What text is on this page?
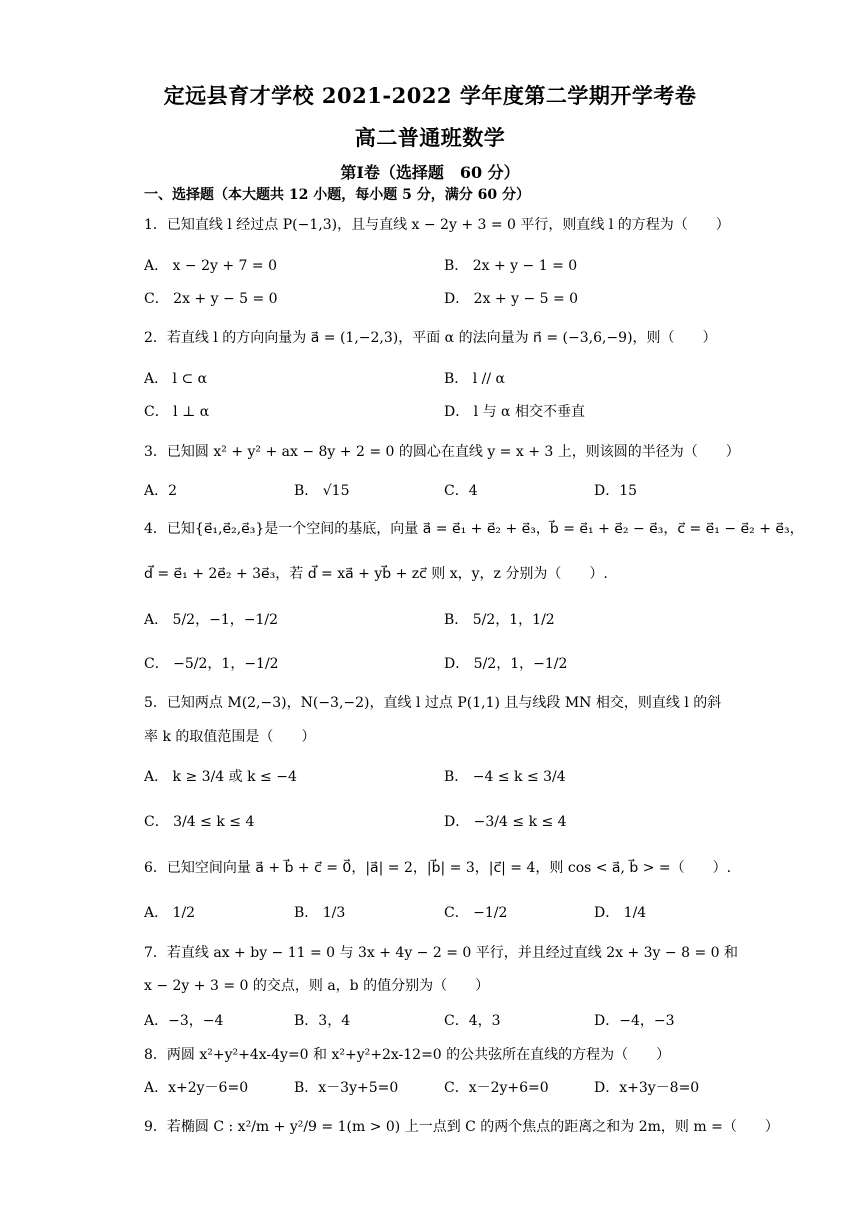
定远县育才学校 2021-2022 学年度第二学期开学考卷
高二普通班数学
第Ⅰ卷（选择题　60 分）
一、选择题（本大题共 12 小题，每小题 5 分，满分 60 分）
1．已知直线 l 经过点 P(−1,3)，且与直线 x − 2y + 3 = 0 平行，则直线 l 的方程为（　　）
A． x − 2y + 7 = 0	B． 2x + y − 1 = 0
C． 2x + y − 5 = 0	D． 2x + y − 5 = 0
2．若直线 l 的方向向量为 a⃗ = (1,−2,3)，平面 α 的法向量为 n⃗ = (−3,6,−9)，则（　　）
A． l ⊂ α	B． l // α
C． l ⊥ α	D． l 与 α 相交不垂直
3．已知圆 x² + y² + ax − 8y + 2 = 0 的圆心在直线 y = x + 3 上，则该圆的半径为（　　）
A．2	B． √15	C．4	D．15
4．已知{e⃗₁,e⃗₂,e⃗₃}是一个空间的基底，向量 a⃗ = e⃗₁ + e⃗₂ + e⃗₃，b⃗ = e⃗₁ + e⃗₂ − e⃗₃，c⃗ = e⃗₁ − e⃗₂ + e⃗₃，
d⃗ = e⃗₁ + 2e⃗₂ + 3e⃗₃，若 d⃗ = xa⃗ + yb⃗ + zc⃗ 则 x，y，z 分别为（　　）.
A． 5/2，−1，−1/2	B． 5/2，1，1/2
C． −5/2，1，−1/2	D． 5/2，1，−1/2
5．已知两点 M(2,−3)，N(−3,−2)，直线 l 过点 P(1,1) 且与线段 MN 相交，则直线 l 的斜
率 k 的取值范围是（　　）
A． k ≥ 3/4 或 k ≤ −4	B． −4 ≤ k ≤ 3/4
C． 3/4 ≤ k ≤ 4	D． −3/4 ≤ k ≤ 4
6．已知空间向量 a⃗ + b⃗ + c⃗ = 0⃗，|a⃗| = 2，|b⃗| = 3，|c⃗| = 4，则 cos < a⃗, b⃗ > =（　　）.
A． 1/2	B． 1/3	C． −1/2	D． 1/4
7．若直线 ax + by − 11 = 0 与 3x + 4y − 2 = 0 平行，并且经过直线 2x + 3y − 8 = 0 和
x − 2y + 3 = 0 的交点，则 a，b 的值分别为（　　）
A．−3，−4	B．3，4	C．4，3	D．−4，−3
8．两圆 x²+y²+4x-4y=0 和 x²+y²+2x-12=0 的公共弦所在直线的方程为（　　）
A．x+2y－6=0	B．x－3y+5=0	C．x－2y+6=0	D．x+3y－8=0
9．若椭圆 C : x²/m + y²/9 = 1(m > 0) 上一点到 C 的两个焦点的距离之和为 2m，则 m =（　　）
